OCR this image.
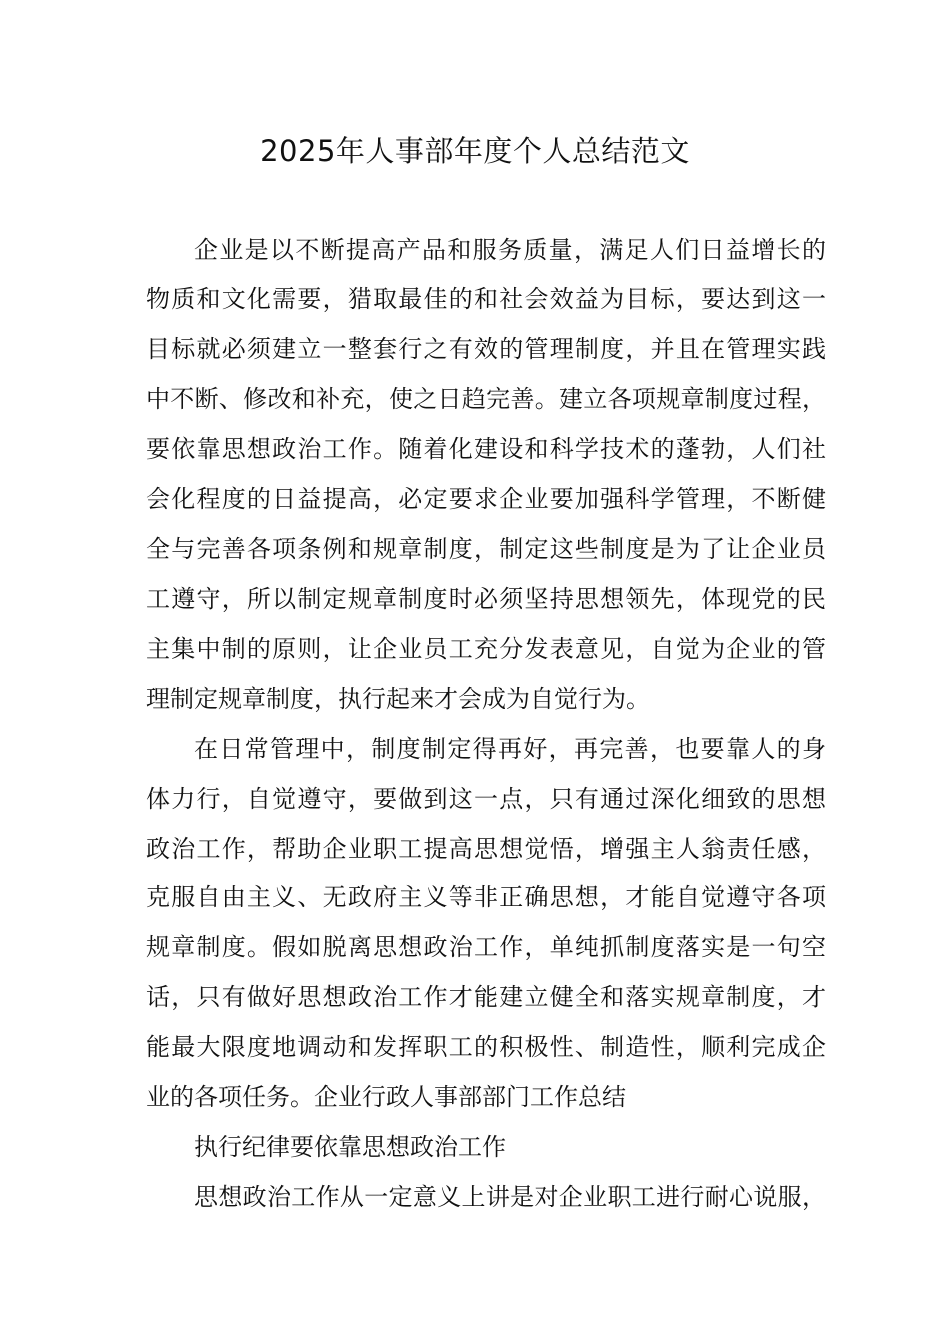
2025年人事部年度个人总结范文
企业是以不断提高产品和服务质量，满足人们日益增长的
物质和文化需要，猎取最佳的和社会效益为目标，要达到这一
目标就必须建立一整套行之有效的管理制度，并且在管理实践
中不断、修改和补充，使之日趋完善。建立各项规章制度过程，
要依靠思想政治工作。随着化建设和科学技术的蓬勃，人们社
会化程度的日益提高，必定要求企业要加强科学管理，不断健
全与完善各项条例和规章制度，制定这些制度是为了让企业员
工遵守，所以制定规章制度时必须坚持思想领先，体现党的民
主集中制的原则，让企业员工充分发表意见，自觉为企业的管
理制定规章制度，执行起来才会成为自觉行为。
在日常管理中，制度制定得再好，再完善，也要靠人的身
体力行，自觉遵守，要做到这一点，只有通过深化细致的思想
政治工作，帮助企业职工提高思想觉悟，增强主人翁责任感，
克服自由主义、无政府主义等非正确思想，才能自觉遵守各项
规章制度。假如脱离思想政治工作，单纯抓制度落实是一句空
话，只有做好思想政治工作才能建立健全和落实规章制度，才
能最大限度地调动和发挥职工的积极性、制造性，顺利完成企
业的各项任务。企业行政人事部部门工作总结
执行纪律要依靠思想政治工作
思想政治工作从一定意义上讲是对企业职工进行耐心说服，
